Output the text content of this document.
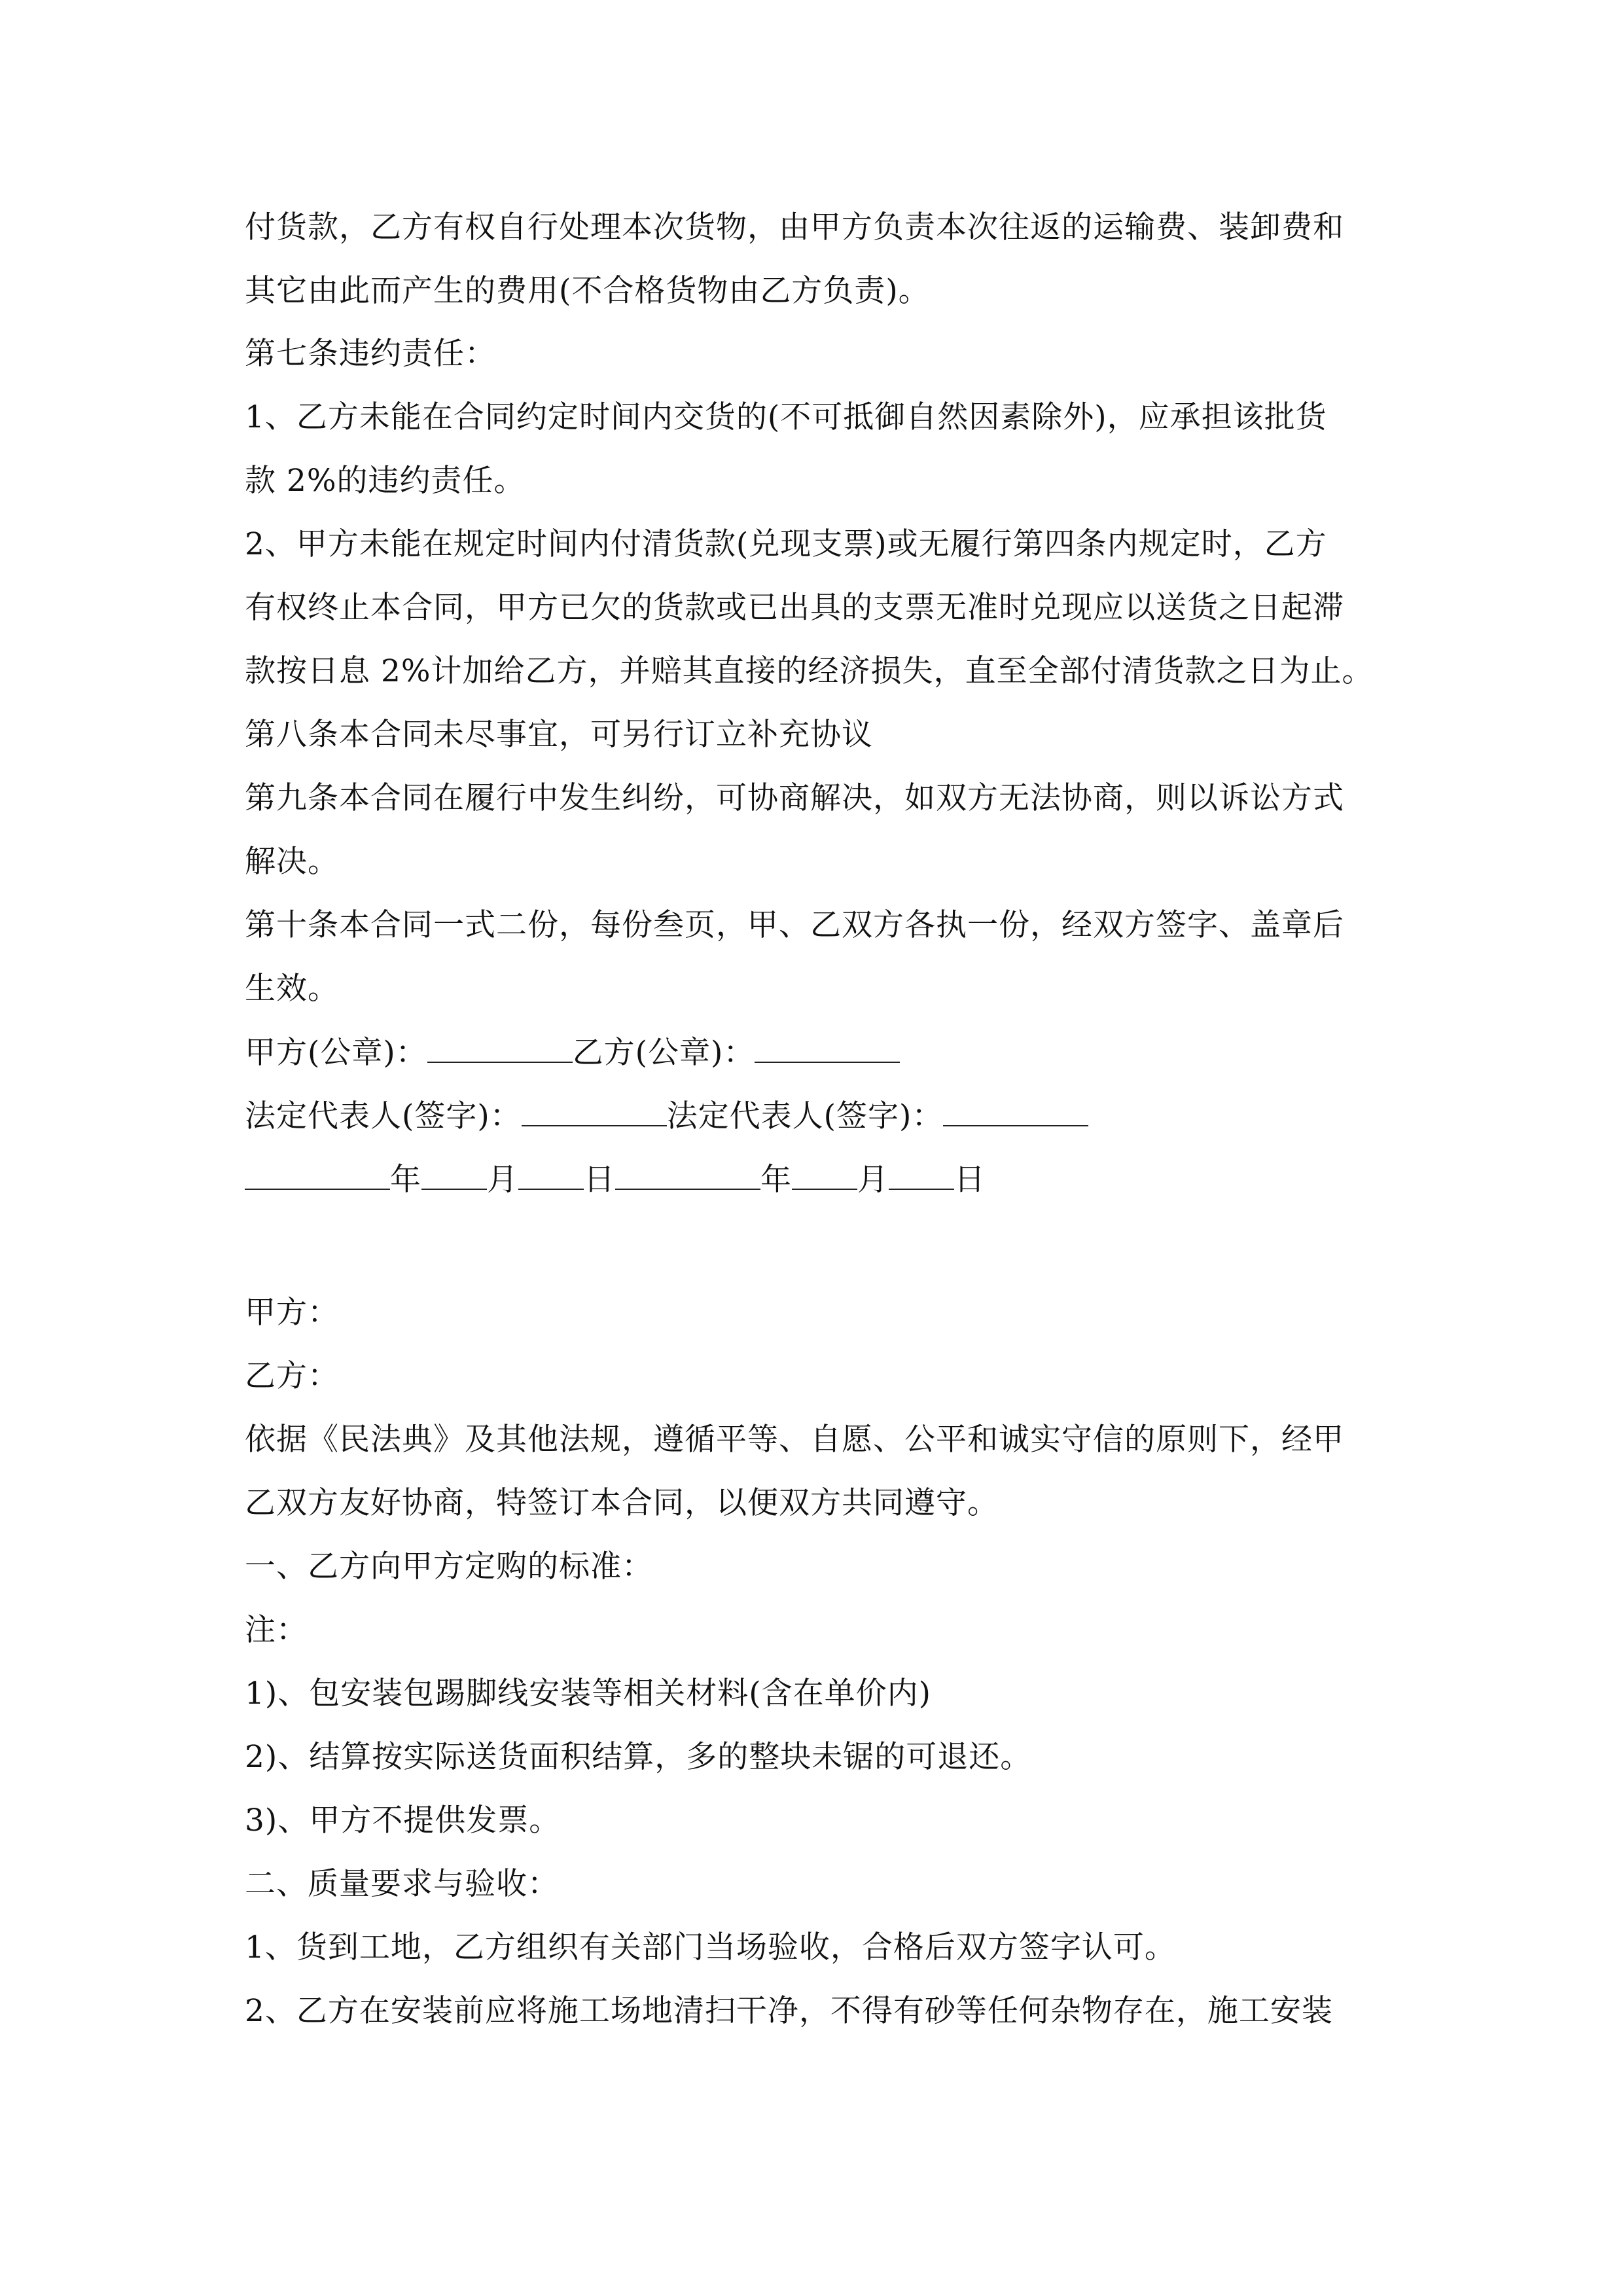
付货款，乙方有权自行处理本次货物，由甲方负责本次往返的运输费、装卸费和
其它由此而产生的费用(不合格货物由乙方负责)。
第七条违约责任：
1、乙方未能在合同约定时间内交货的(不可抵御自然因素除外)，应承担该批货
款 2%的违约责任。
2、甲方未能在规定时间内付清货款(兑现支票)或无履行第四条内规定时，乙方
有权终止本合同，甲方已欠的货款或已出具的支票无准时兑现应以送货之日起滞
款按日息 2%计加给乙方，并赔其直接的经济损失，直至全部付清货款之日为止。
第八条本合同未尽事宜，可另行订立补充协议
第九条本合同在履行中发生纠纷，可协商解决，如双方无法协商，则以诉讼方式
解决。
第十条本合同一式二份，每份叁页，甲、乙双方各执一份，经双方签字、盖章后
生效。
甲方(公章)：	乙方(公章)：
法定代表人(签字)：	法定代表人(签字)：
年 月 日	年 月 日
甲方：
乙方：
依据《民法典》及其他法规，遵循平等、自愿、公平和诚实守信的原则下，经甲
乙双方友好协商，特签订本合同，以便双方共同遵守。
一、乙方向甲方定购的标准：
注：
1)、包安装包踢脚线安装等相关材料(含在单价内)
2)、结算按实际送货面积结算，多的整块未锯的可退还。
3)、甲方不提供发票。
二、质量要求与验收：
1、货到工地，乙方组织有关部门当场验收，合格后双方签字认可。
2、乙方在安装前应将施工场地清扫干净，不得有砂等任何杂物存在，施工安装
